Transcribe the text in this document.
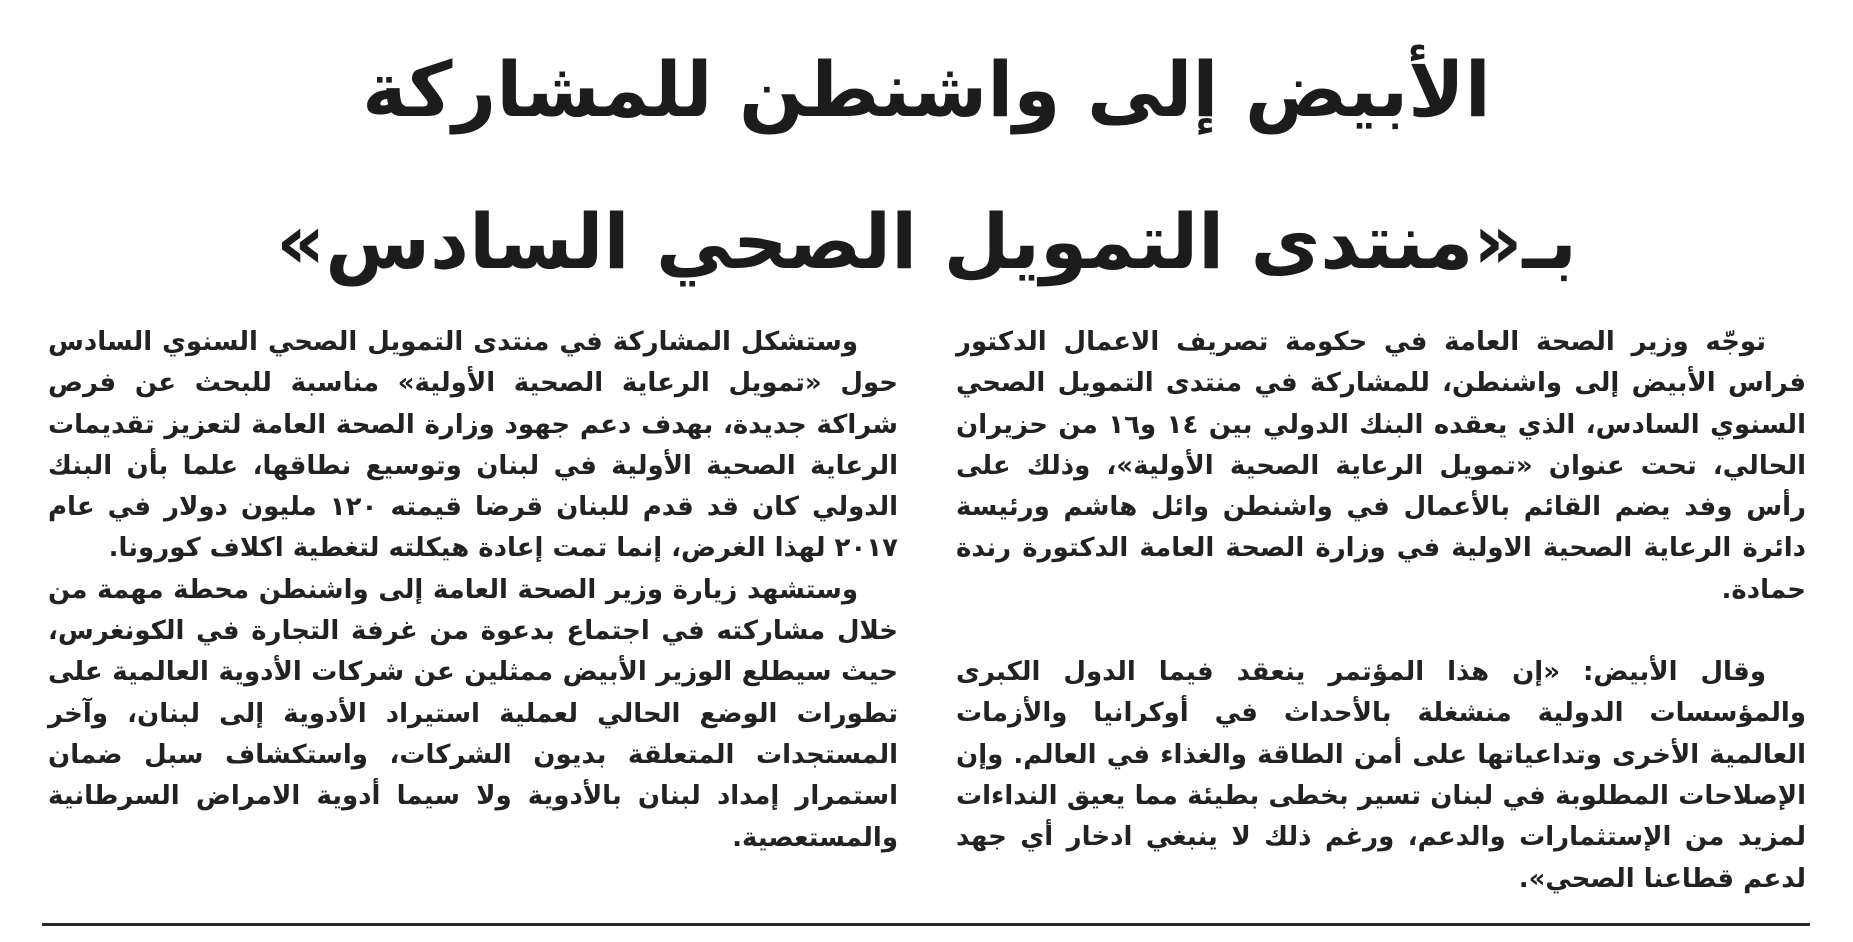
الأبيض إلى واشنطن للمشاركة
بـ«منتدى التمويل الصحي السادس»

توجّه وزير الصحة العامة في حكومة تصريف الاعمال الدكتور فراس الأبيض إلى واشنطن، للمشاركة في منتدى التمويل الصحي السنوي السادس، الذي يعقده البنك الدولي بين ١٤ و١٦ من حزيران الحالي، تحت عنوان «تمويل الرعاية الصحية الأولية»، وذلك على رأس وفد يضم القائم بالأعمال في واشنطن وائل هاشم ورئيسة دائرة الرعاية الصحية الاولية في وزارة الصحة العامة الدكتورة رندة حمادة.

وقال الأبيض: «إن هذا المؤتمر ينعقد فيما الدول الكبرى والمؤسسات الدولية منشغلة بالأحداث في أوكرانيا والأزمات العالمية الأخرى وتداعياتها على أمن الطاقة والغذاء في العالم. وإن الإصلاحات المطلوبة في لبنان تسير بخطى بطيئة مما يعيق النداءات لمزيد من الإستثمارات والدعم، ورغم ذلك لا ينبغي ادخار أي جهد لدعم قطاعنا الصحي».

وستشكل المشاركة في منتدى التمويل الصحي السنوي السادس حول «تمويل الرعاية الصحية الأولية» مناسبة للبحث عن فرص شراكة جديدة، بهدف دعم جهود وزارة الصحة العامة لتعزيز تقديمات الرعاية الصحية الأولية في لبنان وتوسيع نطاقها، علما بأن البنك الدولي كان قد قدم للبنان قرضا قيمته ١٢٠ مليون دولار في عام ٢٠١٧ لهذا الغرض، إنما تمت إعادة هيكلته لتغطية اكلاف كورونا.

وستشهد زيارة وزير الصحة العامة إلى واشنطن محطة مهمة من خلال مشاركته في اجتماع بدعوة من غرفة التجارة في الكونغرس، حيث سيطلع الوزير الأبيض ممثلين عن شركات الأدوية العالمية على تطورات الوضع الحالي لعملية استيراد الأدوية إلى لبنان، وآخر المستجدات المتعلقة بديون الشركات، واستكشاف سبل ضمان استمرار إمداد لبنان بالأدوية ولا سيما أدوية الامراض السرطانية والمستعصية.
